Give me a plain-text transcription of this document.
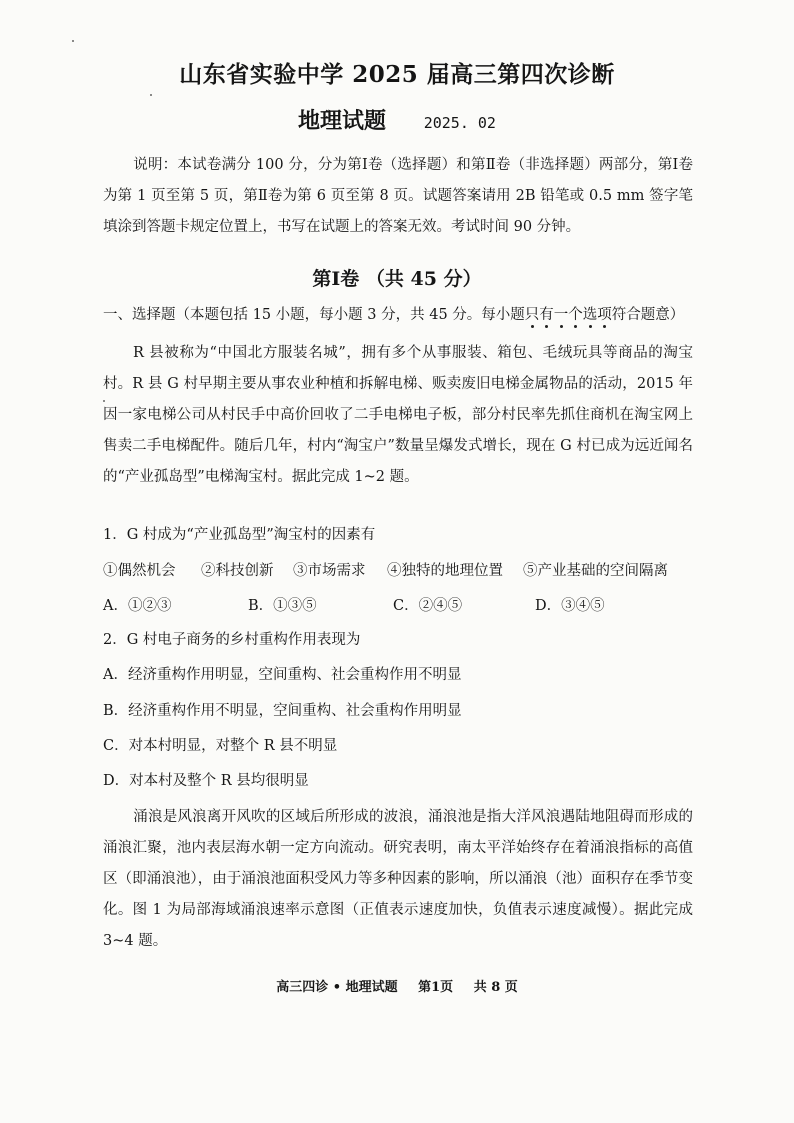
山东省实验中学 2025 届高三第四次诊断
地理试题	2025. 02
说明：本试卷满分 100 分，分为第Ⅰ卷（选择题）和第Ⅱ卷（非选择题）两部分，第Ⅰ卷为第 1 页至第 5 页，第Ⅱ卷为第 6 页至第 8 页。试题答案请用 2B 铅笔或 0.5 mm 签字笔填涂到答题卡规定位置上，书写在试题上的答案无效。考试时间 90 分钟。
第Ⅰ卷 （共 45 分）
一、选择题（本题包括 15 小题，每小题 3 分，共 45 分。每小题只有一个选项符合题意）
R 县被称为“中国北方服装名城”，拥有多个从事服装、箱包、毛绒玩具等商品的淘宝村。R 县 G 村早期主要从事农业种植和拆解电梯、贩卖废旧电梯金属物品的活动，2015 年因一家电梯公司从村民手中高价回收了二手电梯电子板，部分村民率先抓住商机在淘宝网上售卖二手电梯配件。随后几年，村内“淘宝户”数量呈爆发式增长，现在 G 村已成为远近闻名的“产业孤岛型”电梯淘宝村。据此完成 1~2 题。
1．G 村成为“产业孤岛型”淘宝村的因素有
①偶然机会 ②科技创新 ③市场需求 ④独特的地理位置 ⑤产业基础的空间隔离
A．①②③	B．①③⑤	C．②④⑤	D．③④⑤
2．G 村电子商务的乡村重构作用表现为
A．经济重构作用明显，空间重构、社会重构作用不明显
B．经济重构作用不明显，空间重构、社会重构作用明显
C．对本村明显，对整个 R 县不明显
D．对本村及整个 R 县均很明显
涌浪是风浪离开风吹的区域后所形成的波浪，涌浪池是指大洋风浪遇陆地阻碍而形成的涌浪汇聚，池内表层海水朝一定方向流动。研究表明，南太平洋始终存在着涌浪指标的高值区（即涌浪池），由于涌浪池面积受风力等多种因素的影响，所以涌浪（池）面积存在季节变化。图 1 为局部海域涌浪速率示意图（正值表示速度加快，负值表示速度减慢）。据此完成 3~4 题。
高三四诊 • 地理试题 第1页 共 8 页
